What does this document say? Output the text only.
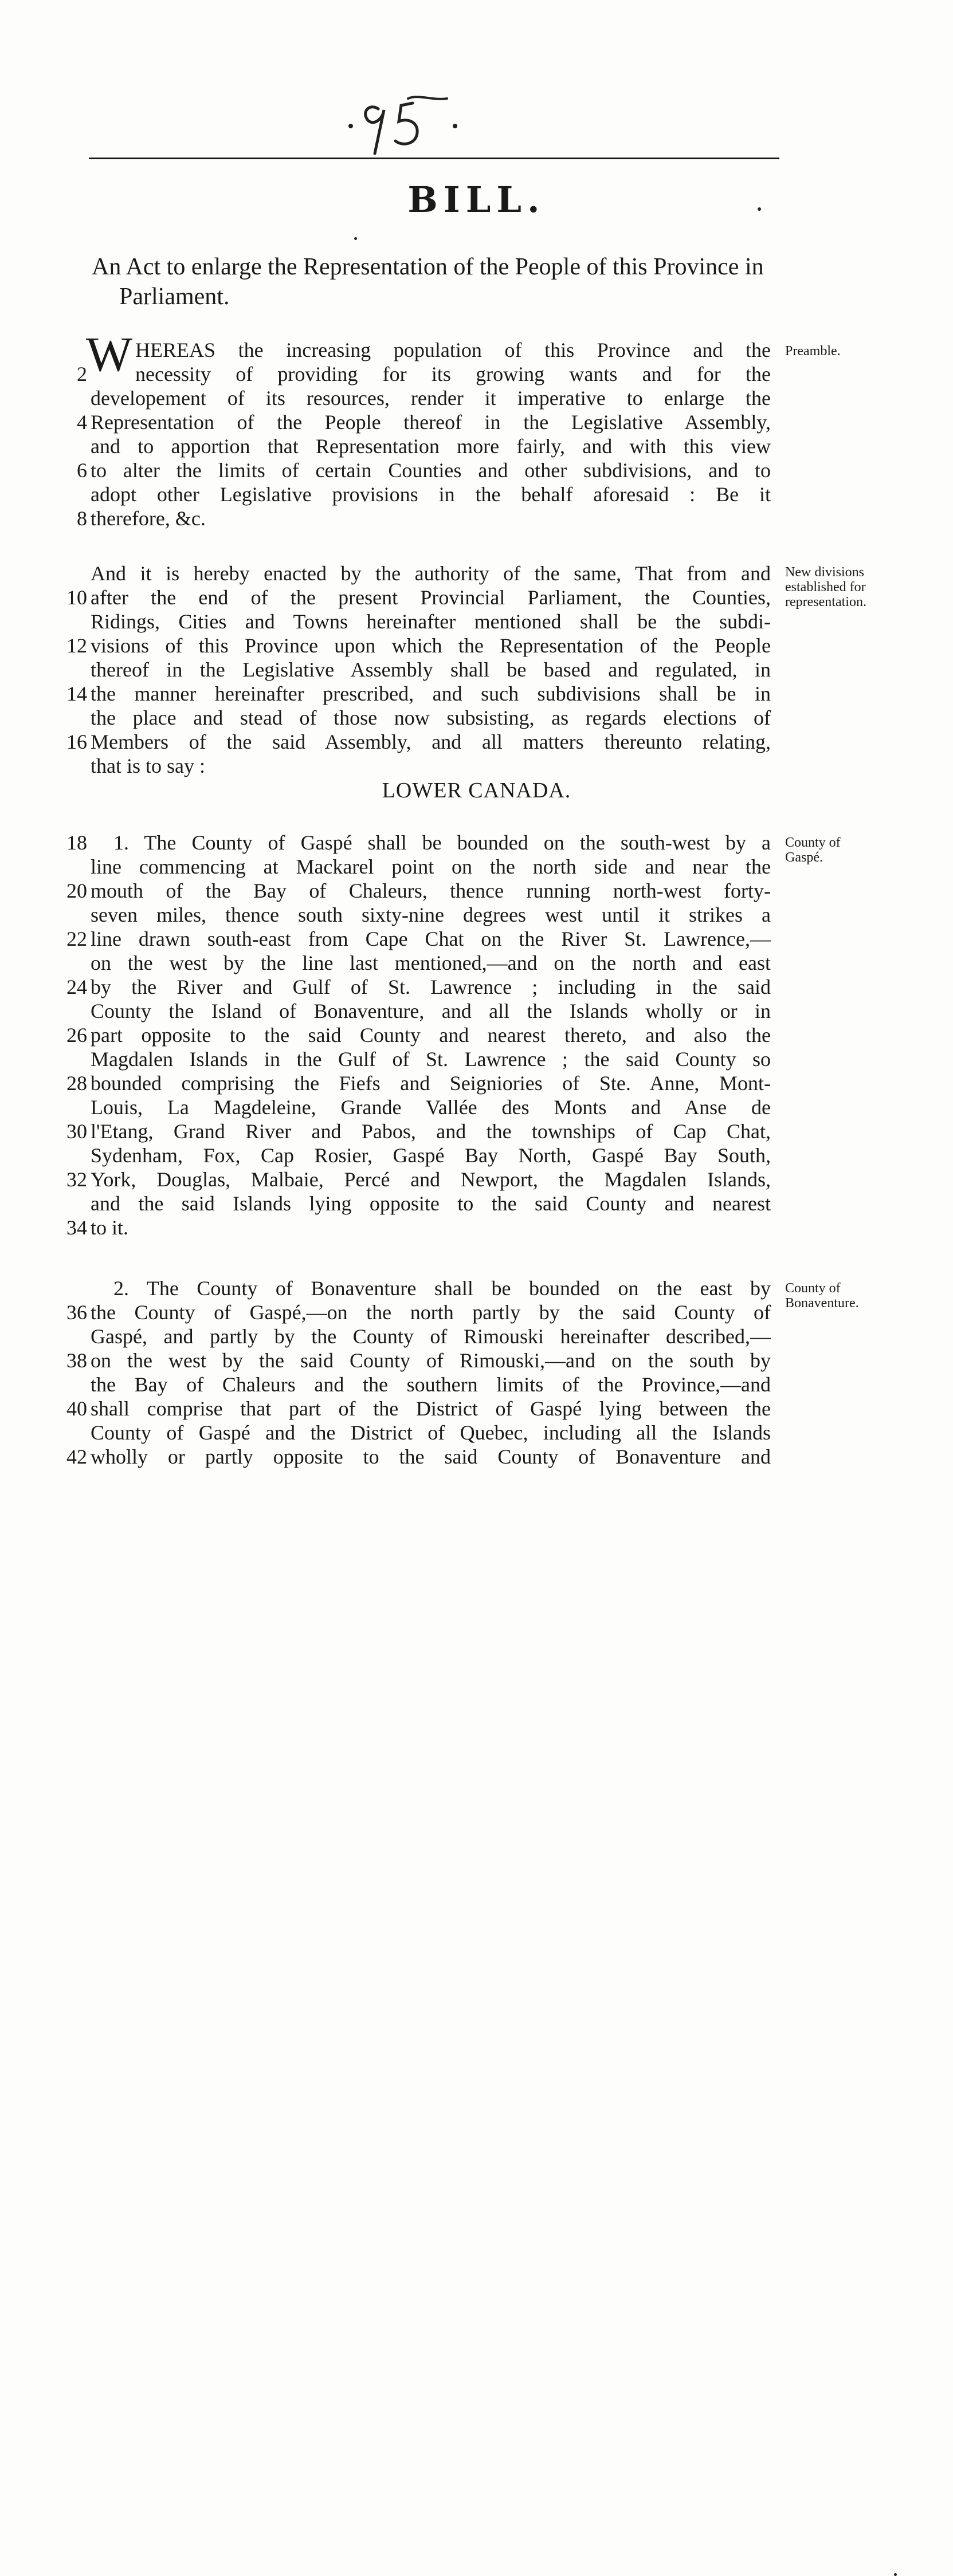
BILL.
An Act to enlarge the Representation of the People of this Province in Parliament.
W	Preamble.
HEREAS the increasing population of this Province and the
2 necessity of providing for its growing wants and for the
developement of its resources, render it imperative to enlarge the
4 Representation of the People thereof in the Legislative Assembly,
and to apportion that Representation more fairly, and with this view
6 to alter the limits of certain Counties and other subdivisions, and to
adopt other Legislative provisions in the behalf aforesaid : Be it
8 therefore, &c.
New divisions
established for
representation.
And it is hereby enacted by the authority of the same, That from and
10 after the end of the present Provincial Parliament, the Counties,
Ridings, Cities and Towns hereinafter mentioned shall be the subdi-
12 visions of this Province upon which the Representation of the People
thereof in the Legislative Assembly shall be based and regulated, in
14 the manner hereinafter prescribed, and such subdivisions shall be in
the place and stead of those now subsisting, as regards elections of
16 Members of the said Assembly, and all matters thereunto relating,
that is to say :
LOWER CANADA.
County of
Gaspé.
18 1. The County of Gaspé shall be bounded on the south-west by a
line commencing at Mackarel point on the north side and near the
20 mouth of the Bay of Chaleurs, thence running north-west forty-
seven miles, thence south sixty-nine degrees west until it strikes a
22 line drawn south-east from Cape Chat on the River St. Lawrence,—
on the west by the line last mentioned,—and on the north and east
24 by the River and Gulf of St. Lawrence ; including in the said
County the Island of Bonaventure, and all the Islands wholly or in
26 part opposite to the said County and nearest thereto, and also the
Magdalen Islands in the Gulf of St. Lawrence ; the said County so
28 bounded comprising the Fiefs and Seigniories of Ste. Anne, Mont-
Louis, La Magdeleine, Grande Vallée des Monts and Anse de
30 l'Etang, Grand River and Pabos, and the townships of Cap Chat,
Sydenham, Fox, Cap Rosier, Gaspé Bay North, Gaspé Bay South,
32 York, Douglas, Malbaie, Percé and Newport, the Magdalen Islands,
and the said Islands lying opposite to the said County and nearest
34 to it.
County of
Bonaventure.
2. The County of Bonaventure shall be bounded on the east by
36 the County of Gaspé,—on the north partly by the said County of
Gaspé, and partly by the County of Rimouski hereinafter described,—
38 on the west by the said County of Rimouski,—and on the south by
the Bay of Chaleurs and the southern limits of the Province,—and
40 shall comprise that part of the District of Gaspé lying between the
County of Gaspé and the District of Quebec, including all the Islands
42 wholly or partly opposite to the said County of Bonaventure and
